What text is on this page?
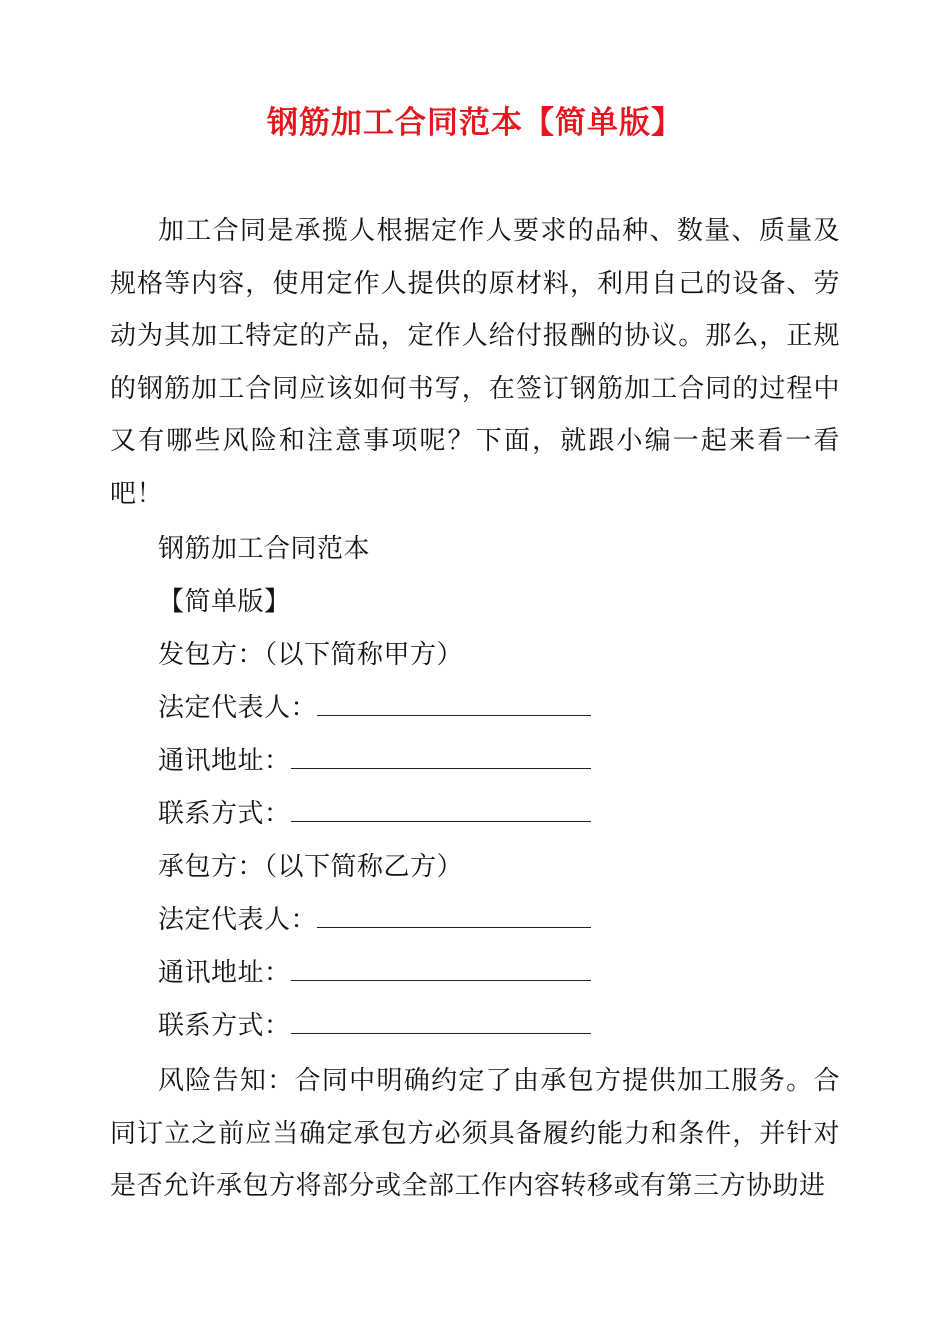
钢筋加工合同范本【简单版】

加工合同是承揽人根据定作人要求的品种、数量、质量及规格等内容，使用定作人提供的原材料，利用自己的设备、劳动为其加工特定的产品，定作人给付报酬的协议。那么，正规的钢筋加工合同应该如何书写，在签订钢筋加工合同的过程中又有哪些风险和注意事项呢？下面，就跟小编一起来看一看吧！

钢筋加工合同范本
【简单版】
发包方：（以下简称甲方）
法定代表人：
通讯地址：
联系方式：
承包方：（以下简称乙方）
法定代表人：
通讯地址：
联系方式：

风险告知：合同中明确约定了由承包方提供加工服务。合同订立之前应当确定承包方必须具备履约能力和条件，并针对是否允许承包方将部分或全部工作内容转移或有第三方协助进
